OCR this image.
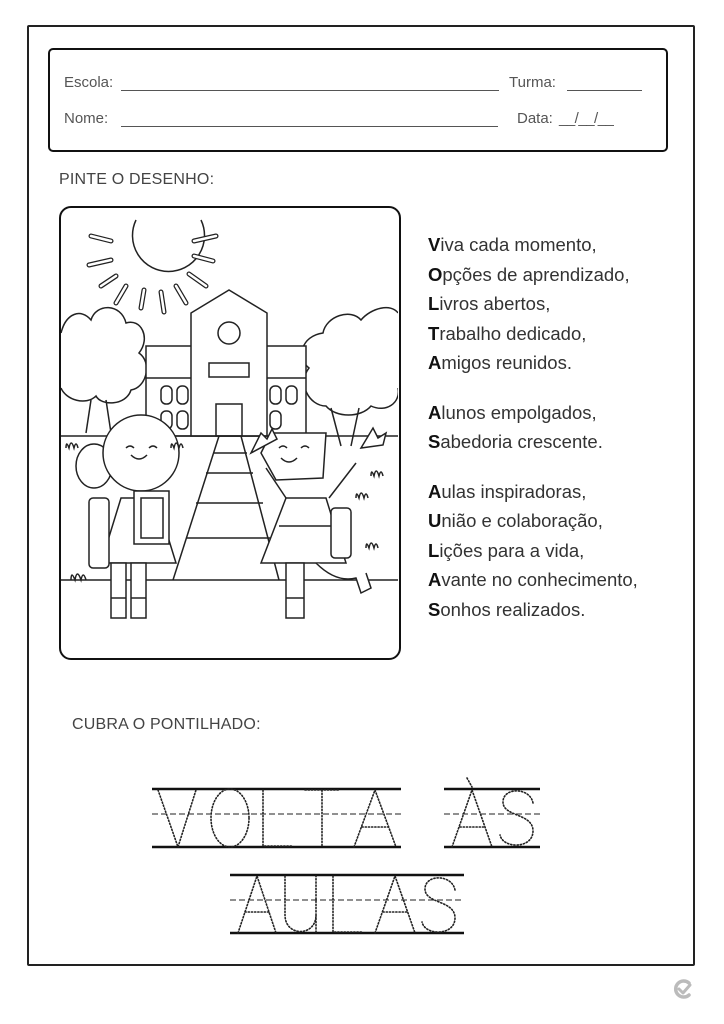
Escola:	Turma:
Nome:	Data: __/__/__
PINTE O DESENHO:
Viva cada momento,
Opções de aprendizado,
Livros abertos,
Trabalho dedicado,
Amigos reunidos.
Alunos empolgados,
Sabedoria crescente.
Aulas inspiradoras,
União e colaboração,
Lições para a vida,
Avante no conhecimento,
Sonhos realizados.
CUBRA O PONTILHADO:
